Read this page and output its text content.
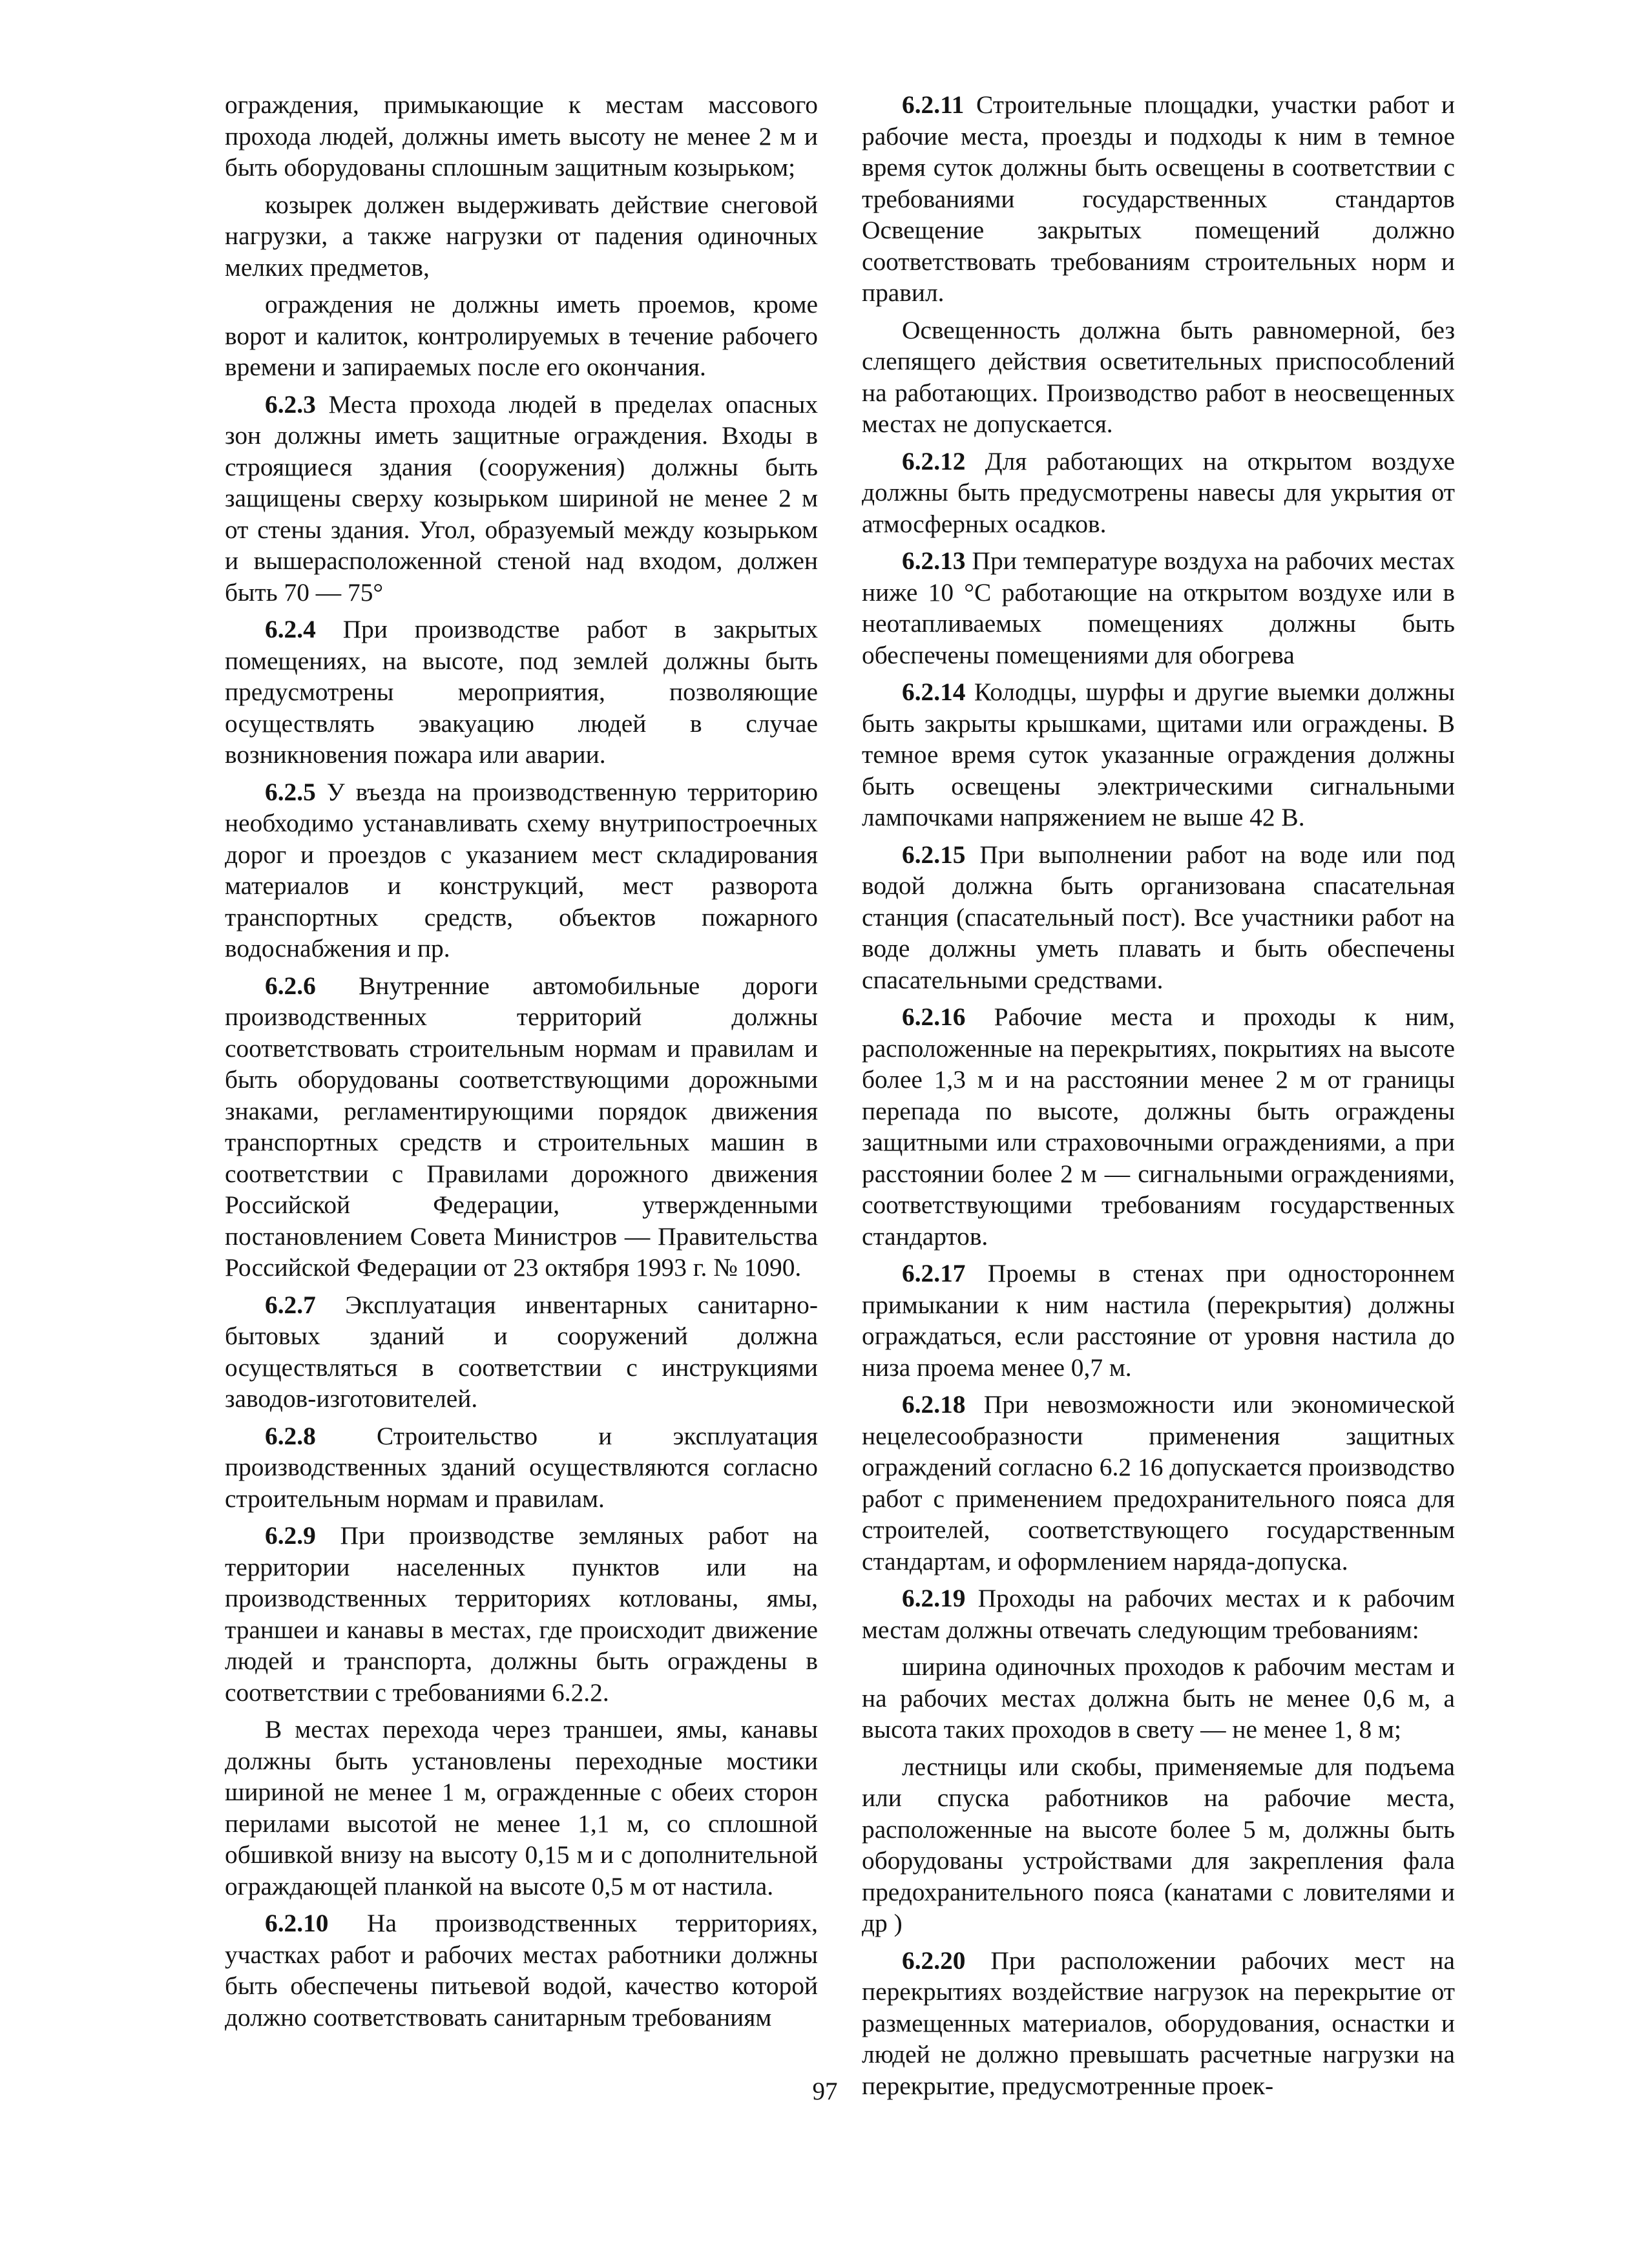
ограждения, примыкающие к местам массового прохода людей, должны иметь высоту не менее 2 м и быть оборудованы сплошным защитным козырьком;

козырек должен выдерживать действие снеговой нагрузки, а также нагрузки от падения одиночных мелких предметов,

ограждения не должны иметь проемов, кроме ворот и калиток, контролируемых в течение рабочего времени и запираемых после его окончания.

6.2.3 Места прохода людей в пределах опасных зон должны иметь защитные ограждения. Входы в строящиеся здания (сооружения) должны быть защищены сверху козырьком шириной не менее 2 м от стены здания. Угол, образуемый между козырьком и вышерасположенной стеной над входом, должен быть 70 — 75°

6.2.4 При производстве работ в закрытых помещениях, на высоте, под землей должны быть предусмотрены мероприятия, позволяющие осуществлять эвакуацию людей в случае возникновения пожара или аварии.

6.2.5 У въезда на производственную территорию необходимо устанавливать схему внутрипостроечных дорог и проездов с указанием мест складирования материалов и конструкций, мест разворота транспортных средств, объектов пожарного водоснабжения и пр.

6.2.6 Внутренние автомобильные дороги производственных территорий должны соответствовать строительным нормам и правилам и быть оборудованы соответствующими дорожными знаками, регламентирующими порядок движения транспортных средств и строительных машин в соответствии с Правилами дорожного движения Российской Федерации, утвержденными постановлением Совета Министров — Правительства Российской Федерации от 23 октября 1993 г. № 1090.

6.2.7 Эксплуатация инвентарных санитарно-бытовых зданий и сооружений должна осуществляться в соответствии с инструкциями заводов-изготовителей.

6.2.8 Строительство и эксплуатация производственных зданий осуществляются согласно строительным нормам и правилам.

6.2.9 При производстве земляных работ на территории населенных пунктов или на производственных территориях котлованы, ямы, траншеи и канавы в местах, где происходит движение людей и транспорта, должны быть ограждены в соответствии с требованиями 6.2.2.

В местах перехода через траншеи, ямы, канавы должны быть установлены переходные мостики шириной не менее 1 м, огражденные с обеих сторон перилами высотой не менее 1,1 м, со сплошной обшивкой внизу на высоту 0,15 м и с дополнительной ограждающей планкой на высоте 0,5 м от настила.

6.2.10 На производственных территориях, участках работ и рабочих местах работники должны быть обеспечены питьевой водой, качество которой должно соответствовать санитарным требованиям

6.2.11 Строительные площадки, участки работ и рабочие места, проезды и подходы к ним в темное время суток должны быть освещены в соответствии с требованиями государственных стандартов Освещение закрытых помещений должно соответствовать требованиям строительных норм и правил.

Освещенность должна быть равномерной, без слепящего действия осветительных приспособлений на работающих. Производство работ в неосвещенных местах не допускается.

6.2.12 Для работающих на открытом воздухе должны быть предусмотрены навесы для укрытия от атмосферных осадков.

6.2.13 При температуре воздуха на рабочих местах ниже 10 °С работающие на открытом воздухе или в неотапливаемых помещениях должны быть обеспечены помещениями для обогрева

6.2.14 Колодцы, шурфы и другие выемки должны быть закрыты крышками, щитами или ограждены. В темное время суток указанные ограждения должны быть освещены электрическими сигнальными лампочками напряжением не выше 42 В.

6.2.15 При выполнении работ на воде или под водой должна быть организована спасательная станция (спасательный пост). Все участники работ на воде должны уметь плавать и быть обеспечены спасательными средствами.

6.2.16 Рабочие места и проходы к ним, расположенные на перекрытиях, покрытиях на высоте более 1,3 м и на расстоянии менее 2 м от границы перепада по высоте, должны быть ограждены защитными или страховочными ограждениями, а при расстоянии более 2 м — сигнальными ограждениями, соответствующими требованиям государственных стандартов.

6.2.17 Проемы в стенах при одностороннем примыкании к ним настила (перекрытия) должны ограждаться, если расстояние от уровня настила до низа проема менее 0,7 м.

6.2.18 При невозможности или экономической нецелесообразности применения защитных ограждений согласно 6.2 16 допускается производство работ с применением предохранительного пояса для строителей, соответствующего государственным стандартам, и оформлением наряда-допуска.

6.2.19 Проходы на рабочих местах и к рабочим местам должны отвечать следующим требованиям:

ширина одиночных проходов к рабочим местам и на рабочих местах должна быть не менее 0,6 м, а высота таких проходов в свету — не менее 1, 8 м;

лестницы или скобы, применяемые для подъема или спуска работников на рабочие места, расположенные на высоте более 5 м, должны быть оборудованы устройствами для закрепления фала предохранительного пояса (канатами с ловителями и др )

6.2.20 При расположении рабочих мест на перекрытиях воздействие нагрузок на перекрытие от размещенных материалов, оборудования, оснастки и людей не должно превышать расчетные нагрузки на перекрытие, предусмотренные проек-

97
